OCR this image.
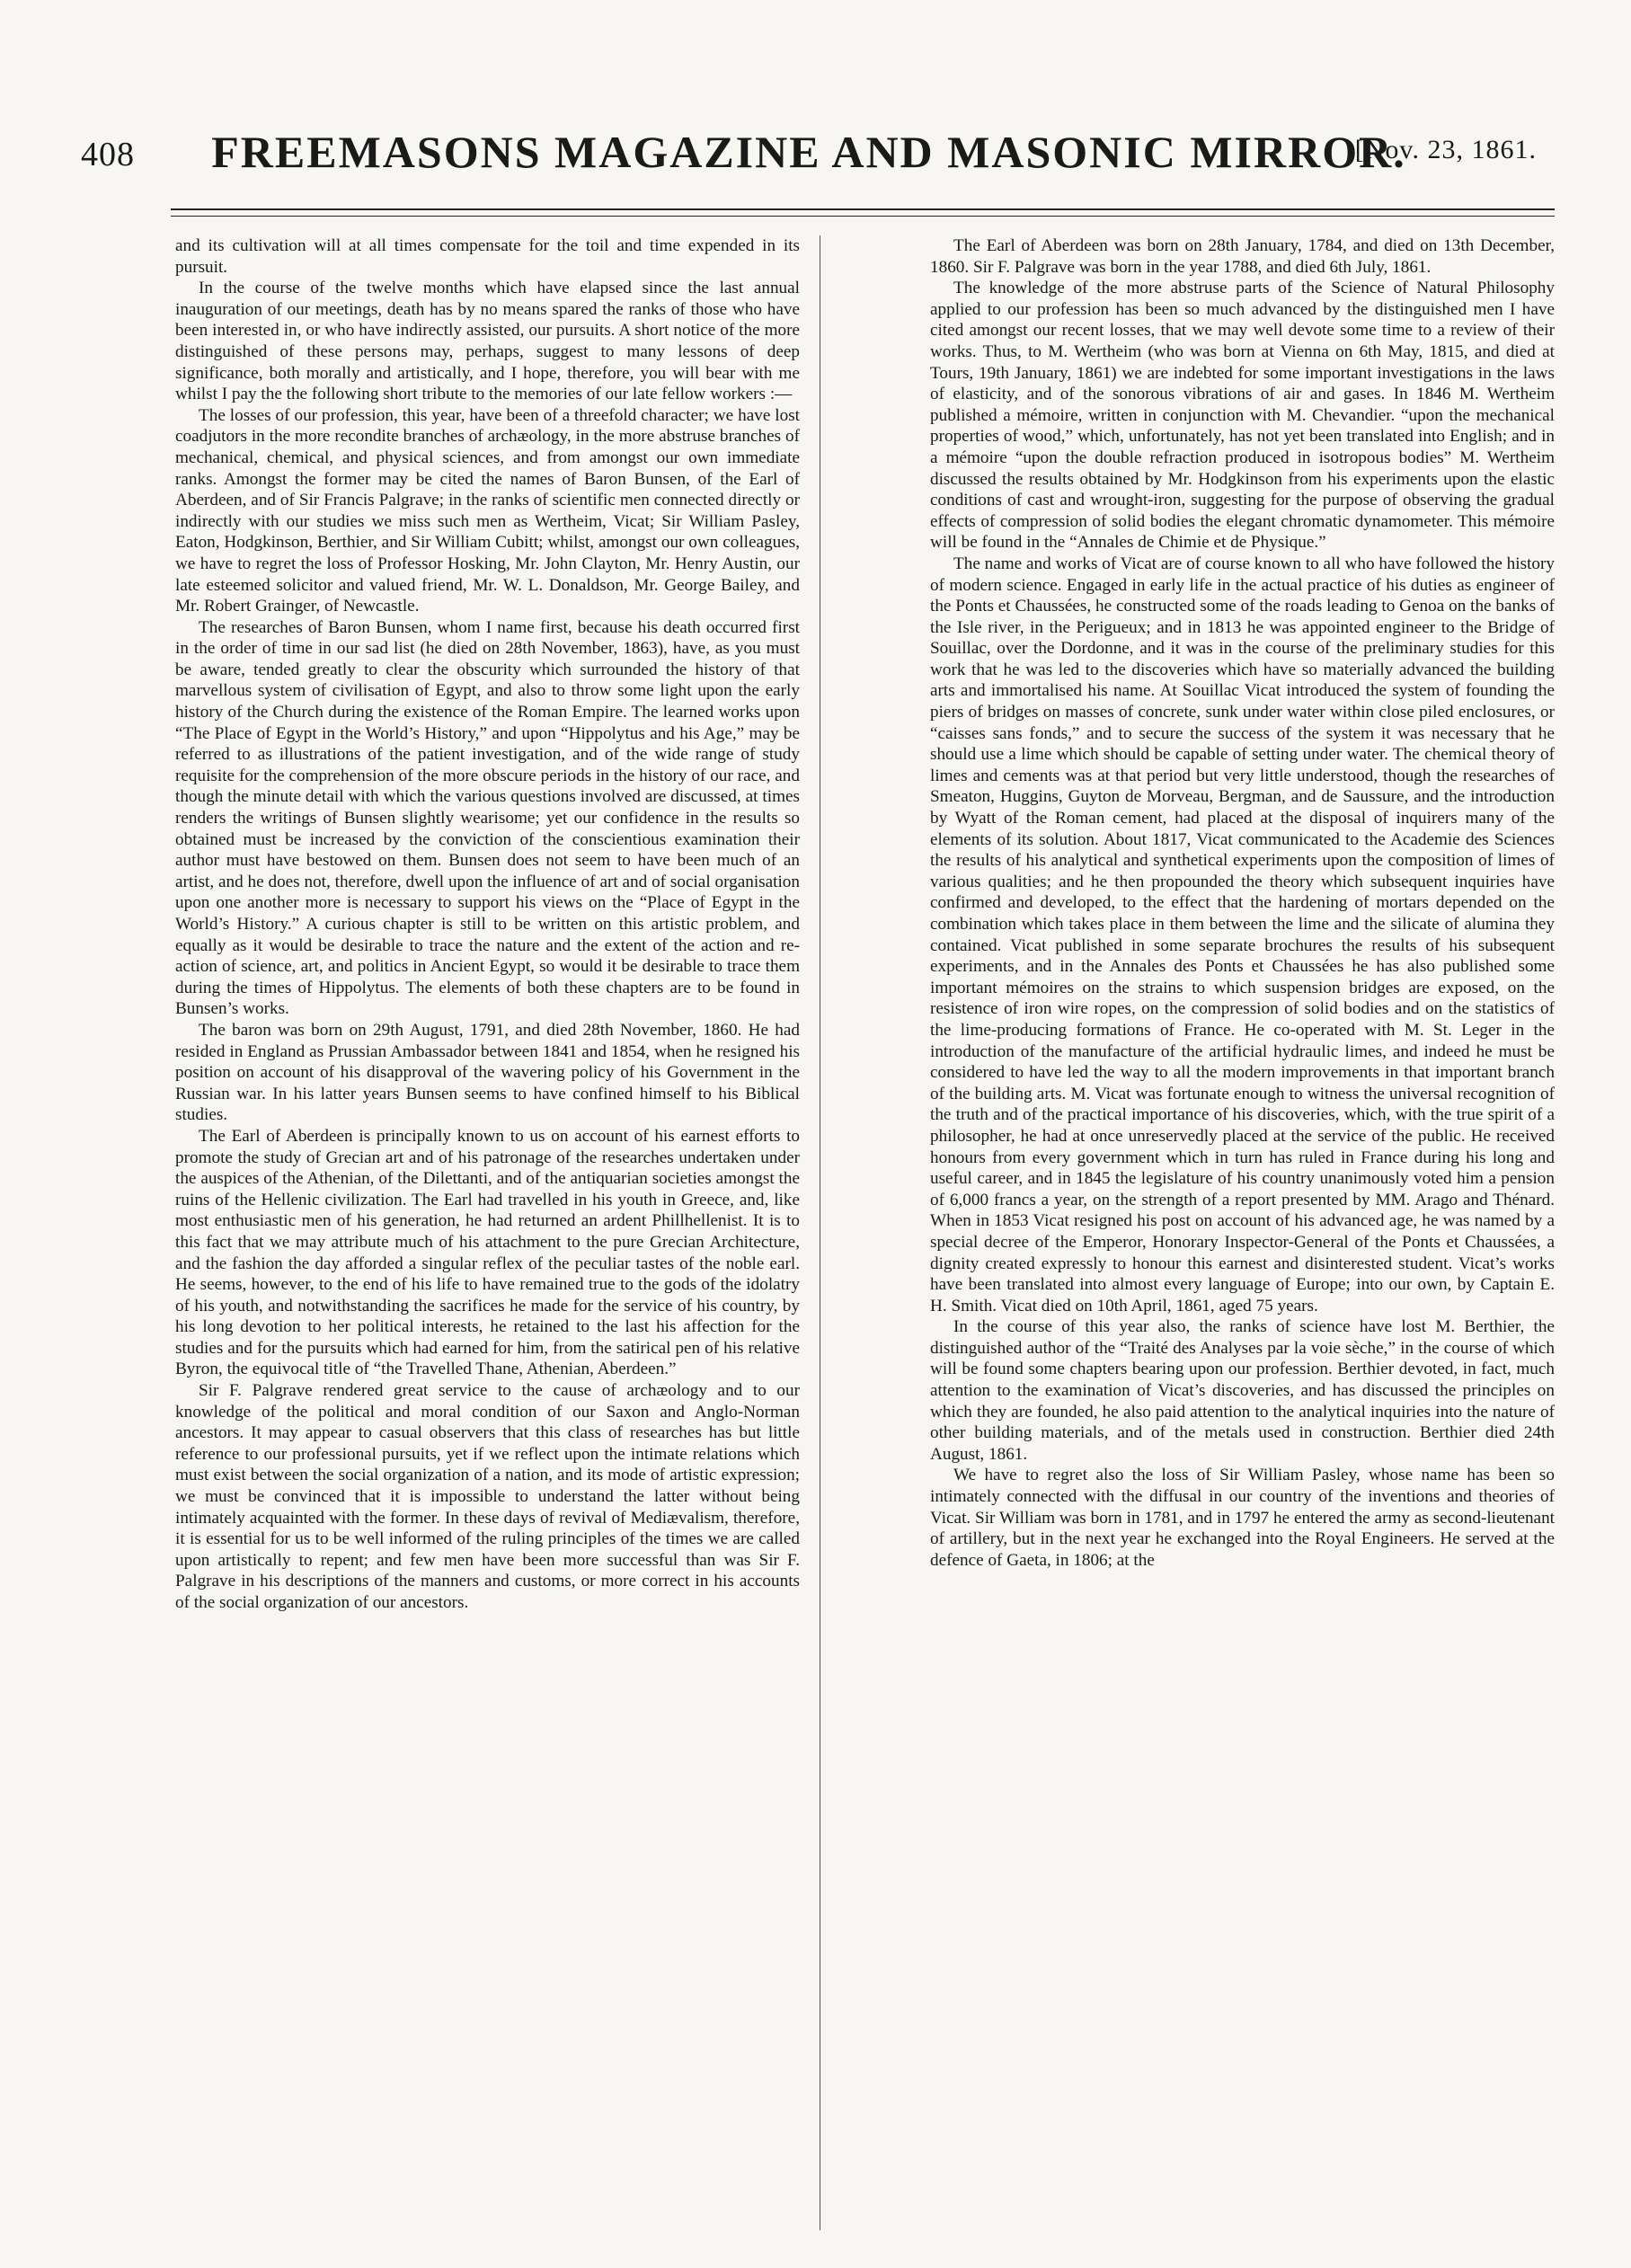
408	FREEMASONS MAGAZINE AND MASONIC MIRROR.
[Nov. 23, 1861.

and its cultivation will at all times compensate for the toil and time expended in its pursuit.

In the course of the twelve months which have elapsed since the last annual inauguration of our meetings, death has by no means spared the ranks of those who have been interested in, or who have indirectly assisted, our pursuits. A short notice of the more distinguished of these persons may, perhaps, suggest to many lessons of deep significance, both morally and artistically, and I hope, therefore, you will bear with me whilst I pay the the following short tribute to the memories of our late fellow workers :—

The losses of our profession, this year, have been of a threefold character; we have lost coadjutors in the more recondite branches of archæology, in the more abstruse branches of mechanical, chemical, and physical sciences, and from amongst our own immediate ranks. Amongst the former may be cited the names of Baron Bunsen, of the Earl of Aberdeen, and of Sir Francis Palgrave; in the ranks of scientific men connected directly or indirectly with our studies we miss such men as Wertheim, Vicat; Sir William Pasley, Eaton, Hodgkinson, Berthier, and Sir William Cubitt; whilst, amongst our own colleagues, we have to regret the loss of Professor Hosking, Mr. John Clayton, Mr. Henry Austin, our late esteemed solicitor and valued friend, Mr. W. L. Donaldson, Mr. George Bailey, and Mr. Robert Grainger, of Newcastle.

The researches of Baron Bunsen, whom I name first, because his death occurred first in the order of time in our sad list (he died on 28th November, 1863), have, as you must be aware, tended greatly to clear the obscurity which surrounded the history of that marvellous system of civilisation of Egypt, and also to throw some light upon the early history of the Church during the existence of the Roman Empire. The learned works upon “The Place of Egypt in the World’s History,” and upon “Hippolytus and his Age,” may be referred to as illustrations of the patient investigation, and of the wide range of study requisite for the comprehension of the more obscure periods in the history of our race, and though the minute detail with which the various questions involved are discussed, at times renders the writings of Bunsen slightly wearisome; yet our confidence in the results so obtained must be increased by the conviction of the conscientious examination their author must have bestowed on them. Bunsen does not seem to have been much of an artist, and he does not, therefore, dwell upon the influence of art and of social organisation upon one another more is necessary to support his views on the “Place of Egypt in the World’s History.” A curious chapter is still to be written on this artistic problem, and equally as it would be desirable to trace the nature and the extent of the action and re-action of science, art, and politics in Ancient Egypt, so would it be desirable to trace them during the times of Hippolytus. The elements of both these chapters are to be found in Bunsen’s works.

The baron was born on 29th August, 1791, and died 28th November, 1860. He had resided in England as Prussian Ambassador between 1841 and 1854, when he resigned his position on account of his disapproval of the wavering policy of his Government in the Russian war. In his latter years Bunsen seems to have confined himself to his Biblical studies.

The Earl of Aberdeen is principally known to us on account of his earnest efforts to promote the study of Grecian art and of his patronage of the researches undertaken under the auspices of the Athenian, of the Dilettanti, and of the antiquarian societies amongst the ruins of the Hellenic civilization. The Earl had travelled in his youth in Greece, and, like most enthusiastic men of his generation, he had returned an ardent Phillhellenist. It is to this fact that we may attribute much of his attachment to the pure Grecian Architecture, and the fashion the day afforded a singular reflex of the peculiar tastes of the noble earl. He seems, however, to the end of his life to have remained true to the gods of the idolatry of his youth, and notwithstanding the sacrifices he made for the service of his country, by his long devotion to her political interests, he retained to the last his affection for the studies and for the pursuits which had earned for him, from the satirical pen of his relative Byron, the equivocal title of “the Travelled Thane, Athenian, Aberdeen.”

Sir F. Palgrave rendered great service to the cause of archæology and to our knowledge of the political and moral condition of our Saxon and Anglo-Norman ancestors. It may appear to casual observers that this class of researches has but little reference to our professional pursuits, yet if we reflect upon the intimate relations which must exist between the social organization of a nation, and its mode of artistic expression; we must be convinced that it is impossible to understand the latter without being intimately acquainted with the former. In these days of revival of Mediævalism, therefore, it is essential for us to be well informed of the ruling principles of the times we are called upon artistically to repent; and few men have been more successful than was Sir F. Palgrave in his descriptions of the manners and customs, or more correct in his accounts of the social organization of our ancestors.

The Earl of Aberdeen was born on 28th January, 1784, and died on 13th December, 1860. Sir F. Palgrave was born in the year 1788, and died 6th July, 1861.

The knowledge of the more abstruse parts of the Science of Natural Philosophy applied to our profession has been so much advanced by the distinguished men I have cited amongst our recent losses, that we may well devote some time to a review of their works. Thus, to M. Wertheim (who was born at Vienna on 6th May, 1815, and died at Tours, 19th January, 1861) we are indebted for some important investigations in the laws of elasticity, and of the sonorous vibrations of air and gases. In 1846 M. Wertheim published a mémoire, written in conjunction with M. Chevandier. “upon the mechanical properties of wood,” which, unfortunately, has not yet been translated into English; and in a mémoire “upon the double refraction produced in isotropous bodies” M. Wertheim discussed the results obtained by Mr. Hodgkinson from his experiments upon the elastic conditions of cast and wrought-iron, suggesting for the purpose of observing the gradual effects of compression of solid bodies the elegant chromatic dynamometer. This mémoire will be found in the “Annales de Chimie et de Physique.”

The name and works of Vicat are of course known to all who have followed the history of modern science. Engaged in early life in the actual practice of his duties as engineer of the Ponts et Chaussées, he constructed some of the roads leading to Genoa on the banks of the Isle river, in the Perigueux; and in 1813 he was appointed engineer to the Bridge of Souillac, over the Dordonne, and it was in the course of the preliminary studies for this work that he was led to the discoveries which have so materially advanced the building arts and immortalised his name. At Souillac Vicat introduced the system of founding the piers of bridges on masses of concrete, sunk under water within close piled enclosures, or “caisses sans fonds,” and to secure the success of the system it was necessary that he should use a lime which should be capable of setting under water. The chemical theory of limes and cements was at that period but very little understood, though the researches of Smeaton, Huggins, Guyton de Morveau, Bergman, and de Saussure, and the introduction by Wyatt of the Roman cement, had placed at the disposal of inquirers many of the elements of its solution. About 1817, Vicat communicated to the Academie des Sciences the results of his analytical and synthetical experiments upon the composition of limes of various qualities; and he then propounded the theory which subsequent inquiries have confirmed and developed, to the effect that the hardening of mortars depended on the combination which takes place in them between the lime and the silicate of alumina they contained. Vicat published in some separate brochures the results of his subsequent experiments, and in the Annales des Ponts et Chaussées he has also published some important mémoires on the strains to which suspension bridges are exposed, on the resistence of iron wire ropes, on the compression of solid bodies and on the statistics of the lime-producing formations of France. He co-operated with M. St. Leger in the introduction of the manufacture of the artificial hydraulic limes, and indeed he must be considered to have led the way to all the modern improvements in that important branch of the building arts. M. Vicat was fortunate enough to witness the universal recognition of the truth and of the practical importance of his discoveries, which, with the true spirit of a philosopher, he had at once unreservedly placed at the service of the public. He received honours from every government which in turn has ruled in France during his long and useful career, and in 1845 the legislature of his country unanimously voted him a pension of 6,000 francs a year, on the strength of a report presented by MM. Arago and Thénard. When in 1853 Vicat resigned his post on account of his advanced age, he was named by a special decree of the Emperor, Honorary Inspector-General of the Ponts et Chaussées, a dignity created expressly to honour this earnest and disinterested student. Vicat’s works have been translated into almost every language of Europe; into our own, by Captain E. H. Smith. Vicat died on 10th April, 1861, aged 75 years.

In the course of this year also, the ranks of science have lost M. Berthier, the distinguished author of the “Traité des Analyses par la voie sèche,” in the course of which will be found some chapters bearing upon our profession. Berthier devoted, in fact, much attention to the examination of Vicat’s discoveries, and has discussed the principles on which they are founded, he also paid attention to the analytical inquiries into the nature of other building materials, and of the metals used in construction. Berthier died 24th August, 1861.

We have to regret also the loss of Sir William Pasley, whose name has been so intimately connected with the diffusal in our country of the inventions and theories of Vicat. Sir William was born in 1781, and in 1797 he entered the army as second-lieutenant of artillery, but in the next year he exchanged into the Royal Engineers. He served at the defence of Gaeta, in 1806; at the
